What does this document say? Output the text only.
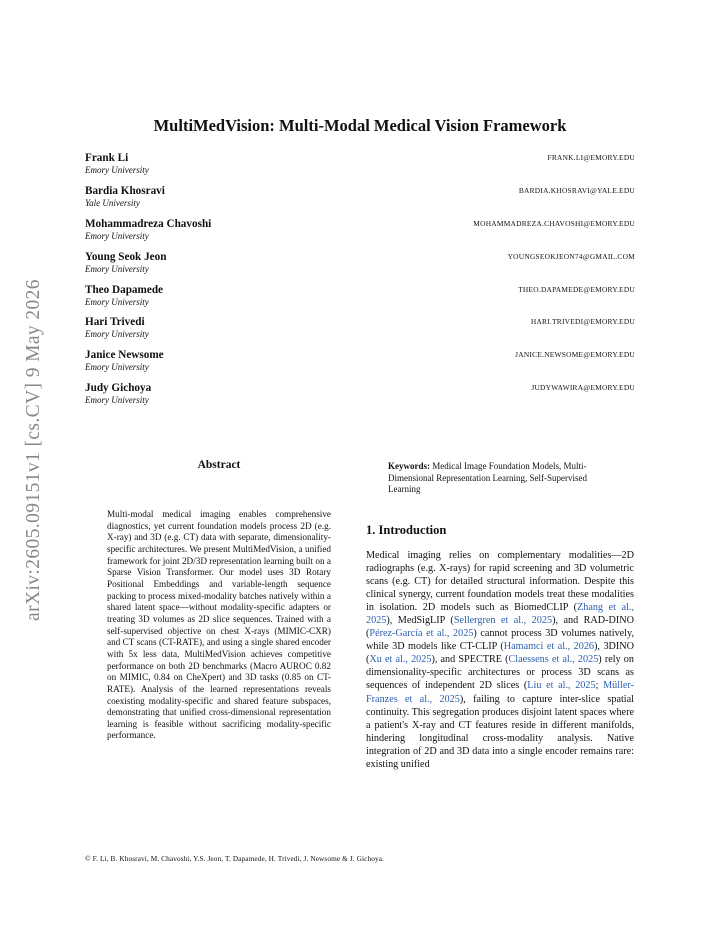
arXiv:2605.09151v1 [cs.CV] 9 May 2026
MultiMedVision: Multi-Modal Medical Vision Framework
Frank Li
Emory University
FRANK.LI@EMORY.EDU
Bardia Khosravi
Yale University
BARDIA.KHOSRAVI@YALE.EDU
Mohammadreza Chavoshi
Emory University
MOHAMMADREZA.CHAVOSHI@EMORY.EDU
Young Seok Jeon
Emory University
YOUNGSEOKJEON74@GMAIL.COM
Theo Dapamede
Emory University
THEO.DAPAMEDE@EMORY.EDU
Hari Trivedi
Emory University
HARI.TRIVEDI@EMORY.EDU
Janice Newsome
Emory University
JANICE.NEWSOME@EMORY.EDU
Judy Gichoya
Emory University
JUDYWAWIRA@EMORY.EDU
Abstract
Multi-modal medical imaging enables comprehensive diagnostics, yet current foundation models process 2D (e.g. X-ray) and 3D (e.g. CT) data with separate, dimensionality-specific architectures. We present MultiMedVision, a unified framework for joint 2D/3D representation learning built on a Sparse Vision Transformer. Our model uses 3D Rotary Positional Embeddings and variable-length sequence packing to process mixed-modality batches natively within a shared latent space—without modality-specific adapters or treating 3D volumes as 2D slice sequences. Trained with a self-supervised objective on chest X-rays (MIMIC-CXR) and CT scans (CT-RATE), and using a single shared encoder with 5x less data, MultiMedVision achieves competitive performance on both 2D benchmarks (Macro AUROC 0.82 on MIMIC, 0.84 on CheXpert) and 3D tasks (0.85 on CT-RATE). Analysis of the learned representations reveals coexisting modality-specific and shared feature subspaces, demonstrating that unified cross-dimensional representation learning is feasible without sacrificing modality-specific performance.
Keywords: Medical Image Foundation Models, Multi-Dimensional Representation Learning, Self-Supervised Learning
1. Introduction
Medical imaging relies on complementary modalities—2D radiographs (e.g. X-rays) for rapid screening and 3D volumetric scans (e.g. CT) for detailed structural information. Despite this clinical synergy, current foundation models treat these modalities in isolation. 2D models such as BiomedCLIP (Zhang et al., 2025), MedSigLIP (Sellergren et al., 2025), and RAD-DINO (Pérez-García et al., 2025) cannot process 3D volumes natively, while 3D models like CT-CLIP (Hamamci et al., 2026), 3DINO (Xu et al., 2025), and SPECTRE (Claessens et al., 2025) rely on dimensionality-specific architectures or process 3D scans as sequences of independent 2D slices (Liu et al., 2025; Müller-Franzes et al., 2025), failing to capture inter-slice spatial continuity. This segregation produces disjoint latent spaces where a patient's X-ray and CT features reside in different manifolds, hindering longitudinal cross-modality analysis. Native integration of 2D and 3D data into a single encoder remains rare: existing unified
© F. Li, B. Khosravi, M. Chavoshi, Y.S. Jeon, T. Dapamede, H. Trivedi, J. Newsome & J. Gichoya.
